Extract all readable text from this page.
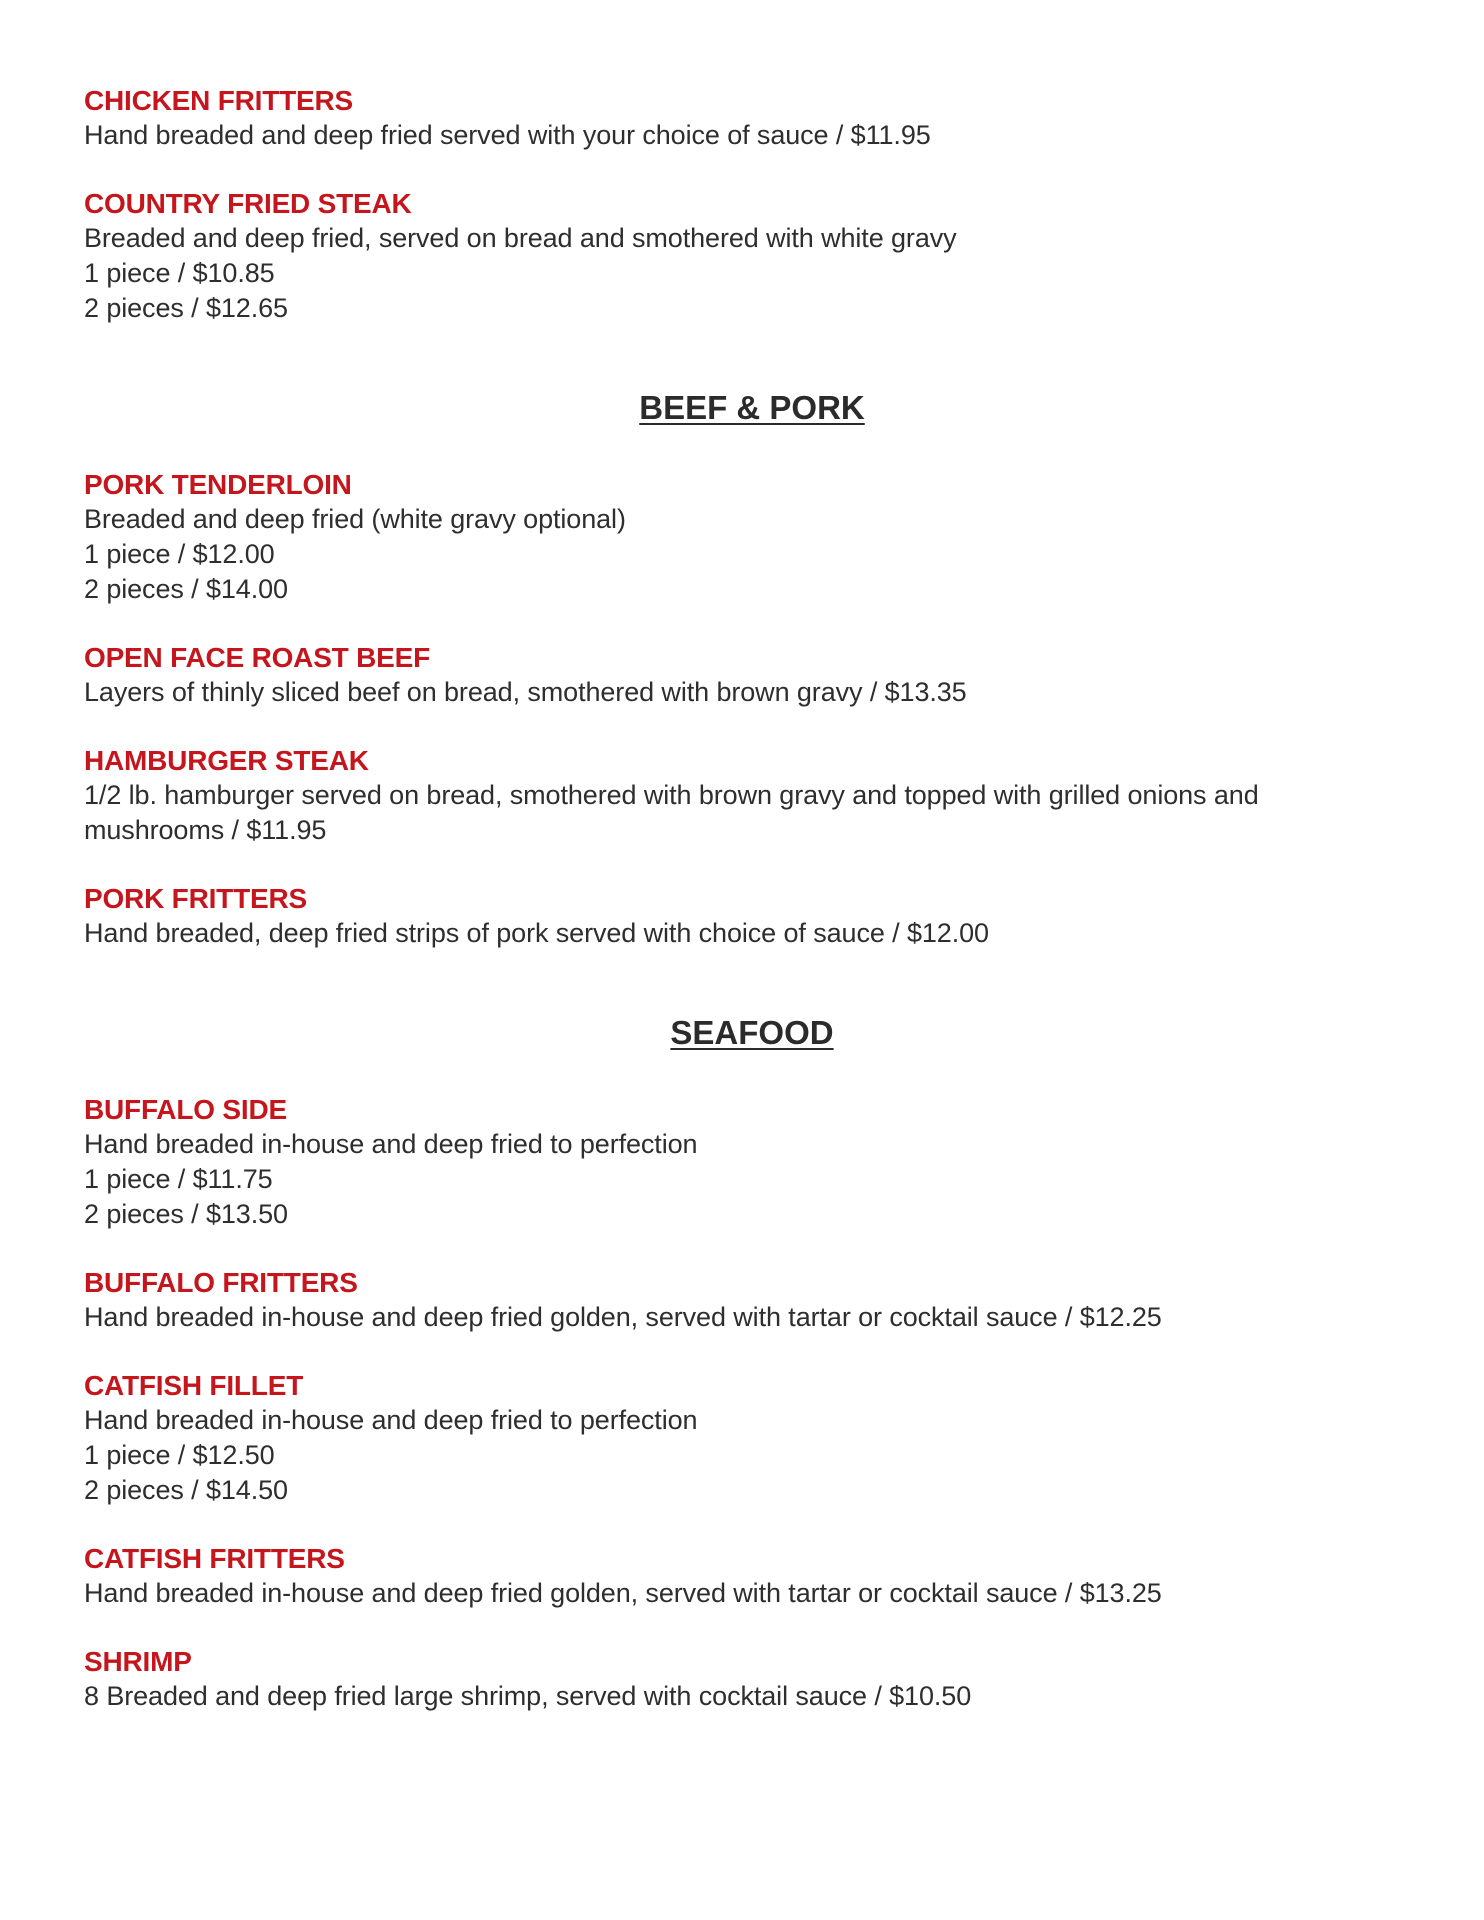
CHICKEN FRITTERS
Hand breaded and deep fried served with your choice of sauce / $11.95
COUNTRY FRIED STEAK
Breaded and deep fried, served on bread and smothered with white gravy
1 piece / $10.85
2 pieces / $12.65
BEEF & PORK
PORK TENDERLOIN
Breaded and deep fried (white gravy optional)
1 piece / $12.00
2 pieces / $14.00
OPEN FACE ROAST BEEF
Layers of thinly sliced beef on bread, smothered with brown gravy / $13.35
HAMBURGER STEAK
1/2 lb. hamburger served on bread, smothered with brown gravy and topped with grilled onions and
mushrooms / $11.95
PORK FRITTERS
Hand breaded, deep fried strips of pork served with choice of sauce / $12.00
SEAFOOD
BUFFALO SIDE
Hand breaded in-house and deep fried to perfection
1 piece / $11.75
2 pieces / $13.50
BUFFALO FRITTERS
Hand breaded in-house and deep fried golden, served with tartar or cocktail sauce / $12.25
CATFISH FILLET
Hand breaded in-house and deep fried to perfection
1 piece / $12.50
2 pieces / $14.50
CATFISH FRITTERS
Hand breaded in-house and deep fried golden, served with tartar or cocktail sauce / $13.25
SHRIMP
8 Breaded and deep fried large shrimp, served with cocktail sauce / $10.50
